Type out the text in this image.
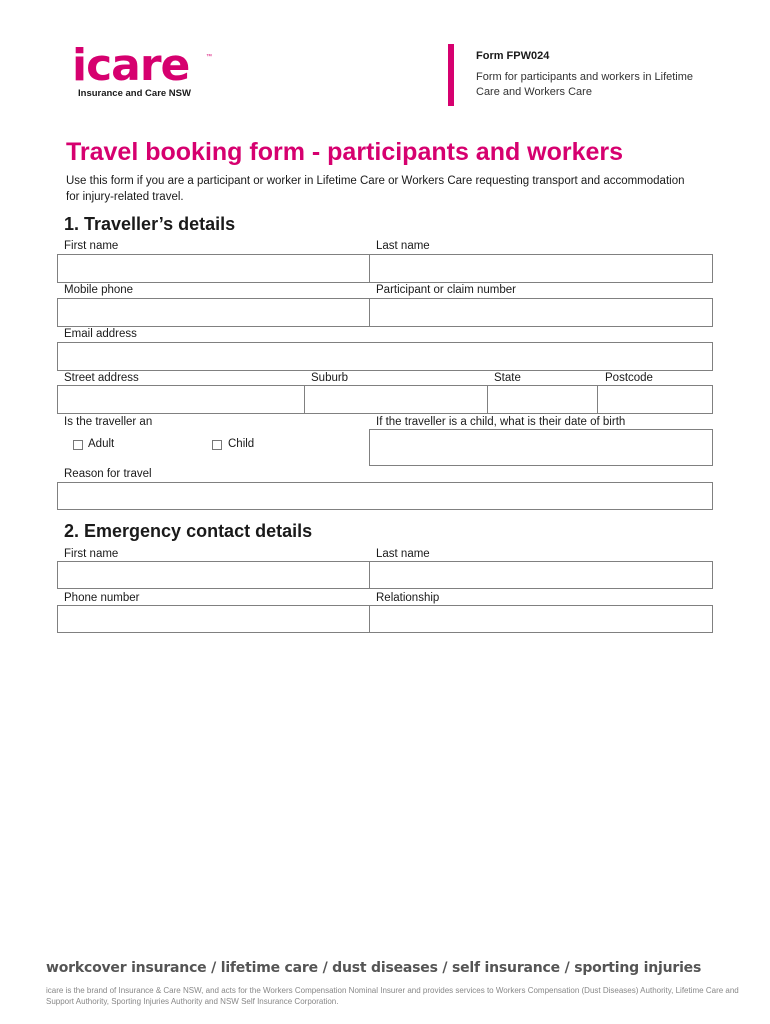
icare	™
Insurance and Care NSW
Form FPW024
Form for participants and workers in Lifetime Care and Workers Care
Travel booking form - participants and workers
Use this form if you are a participant or worker in Lifetime Care or Workers Care requesting transport and accommodation for injury-related travel.
1. Traveller’s details
First name	Last name
Mobile phone	Participant or claim number
Email address
Street address	Suburb	State	Postcode
Is the traveller an	If the traveller is a child, what is their date of birth
Adult	Child
Reason for travel
2. Emergency contact details
First name	Last name
Phone number	Relationship
workcover insurance / lifetime care / dust diseases / self insurance / sporting injuries
icare is the brand of Insurance & Care NSW, and acts for the Workers Compensation Nominal Insurer and provides services to Workers Compensation (Dust Diseases) Authority, Lifetime Care and Support Authority, Sporting Injuries Authority and NSW Self Insurance Corporation.
